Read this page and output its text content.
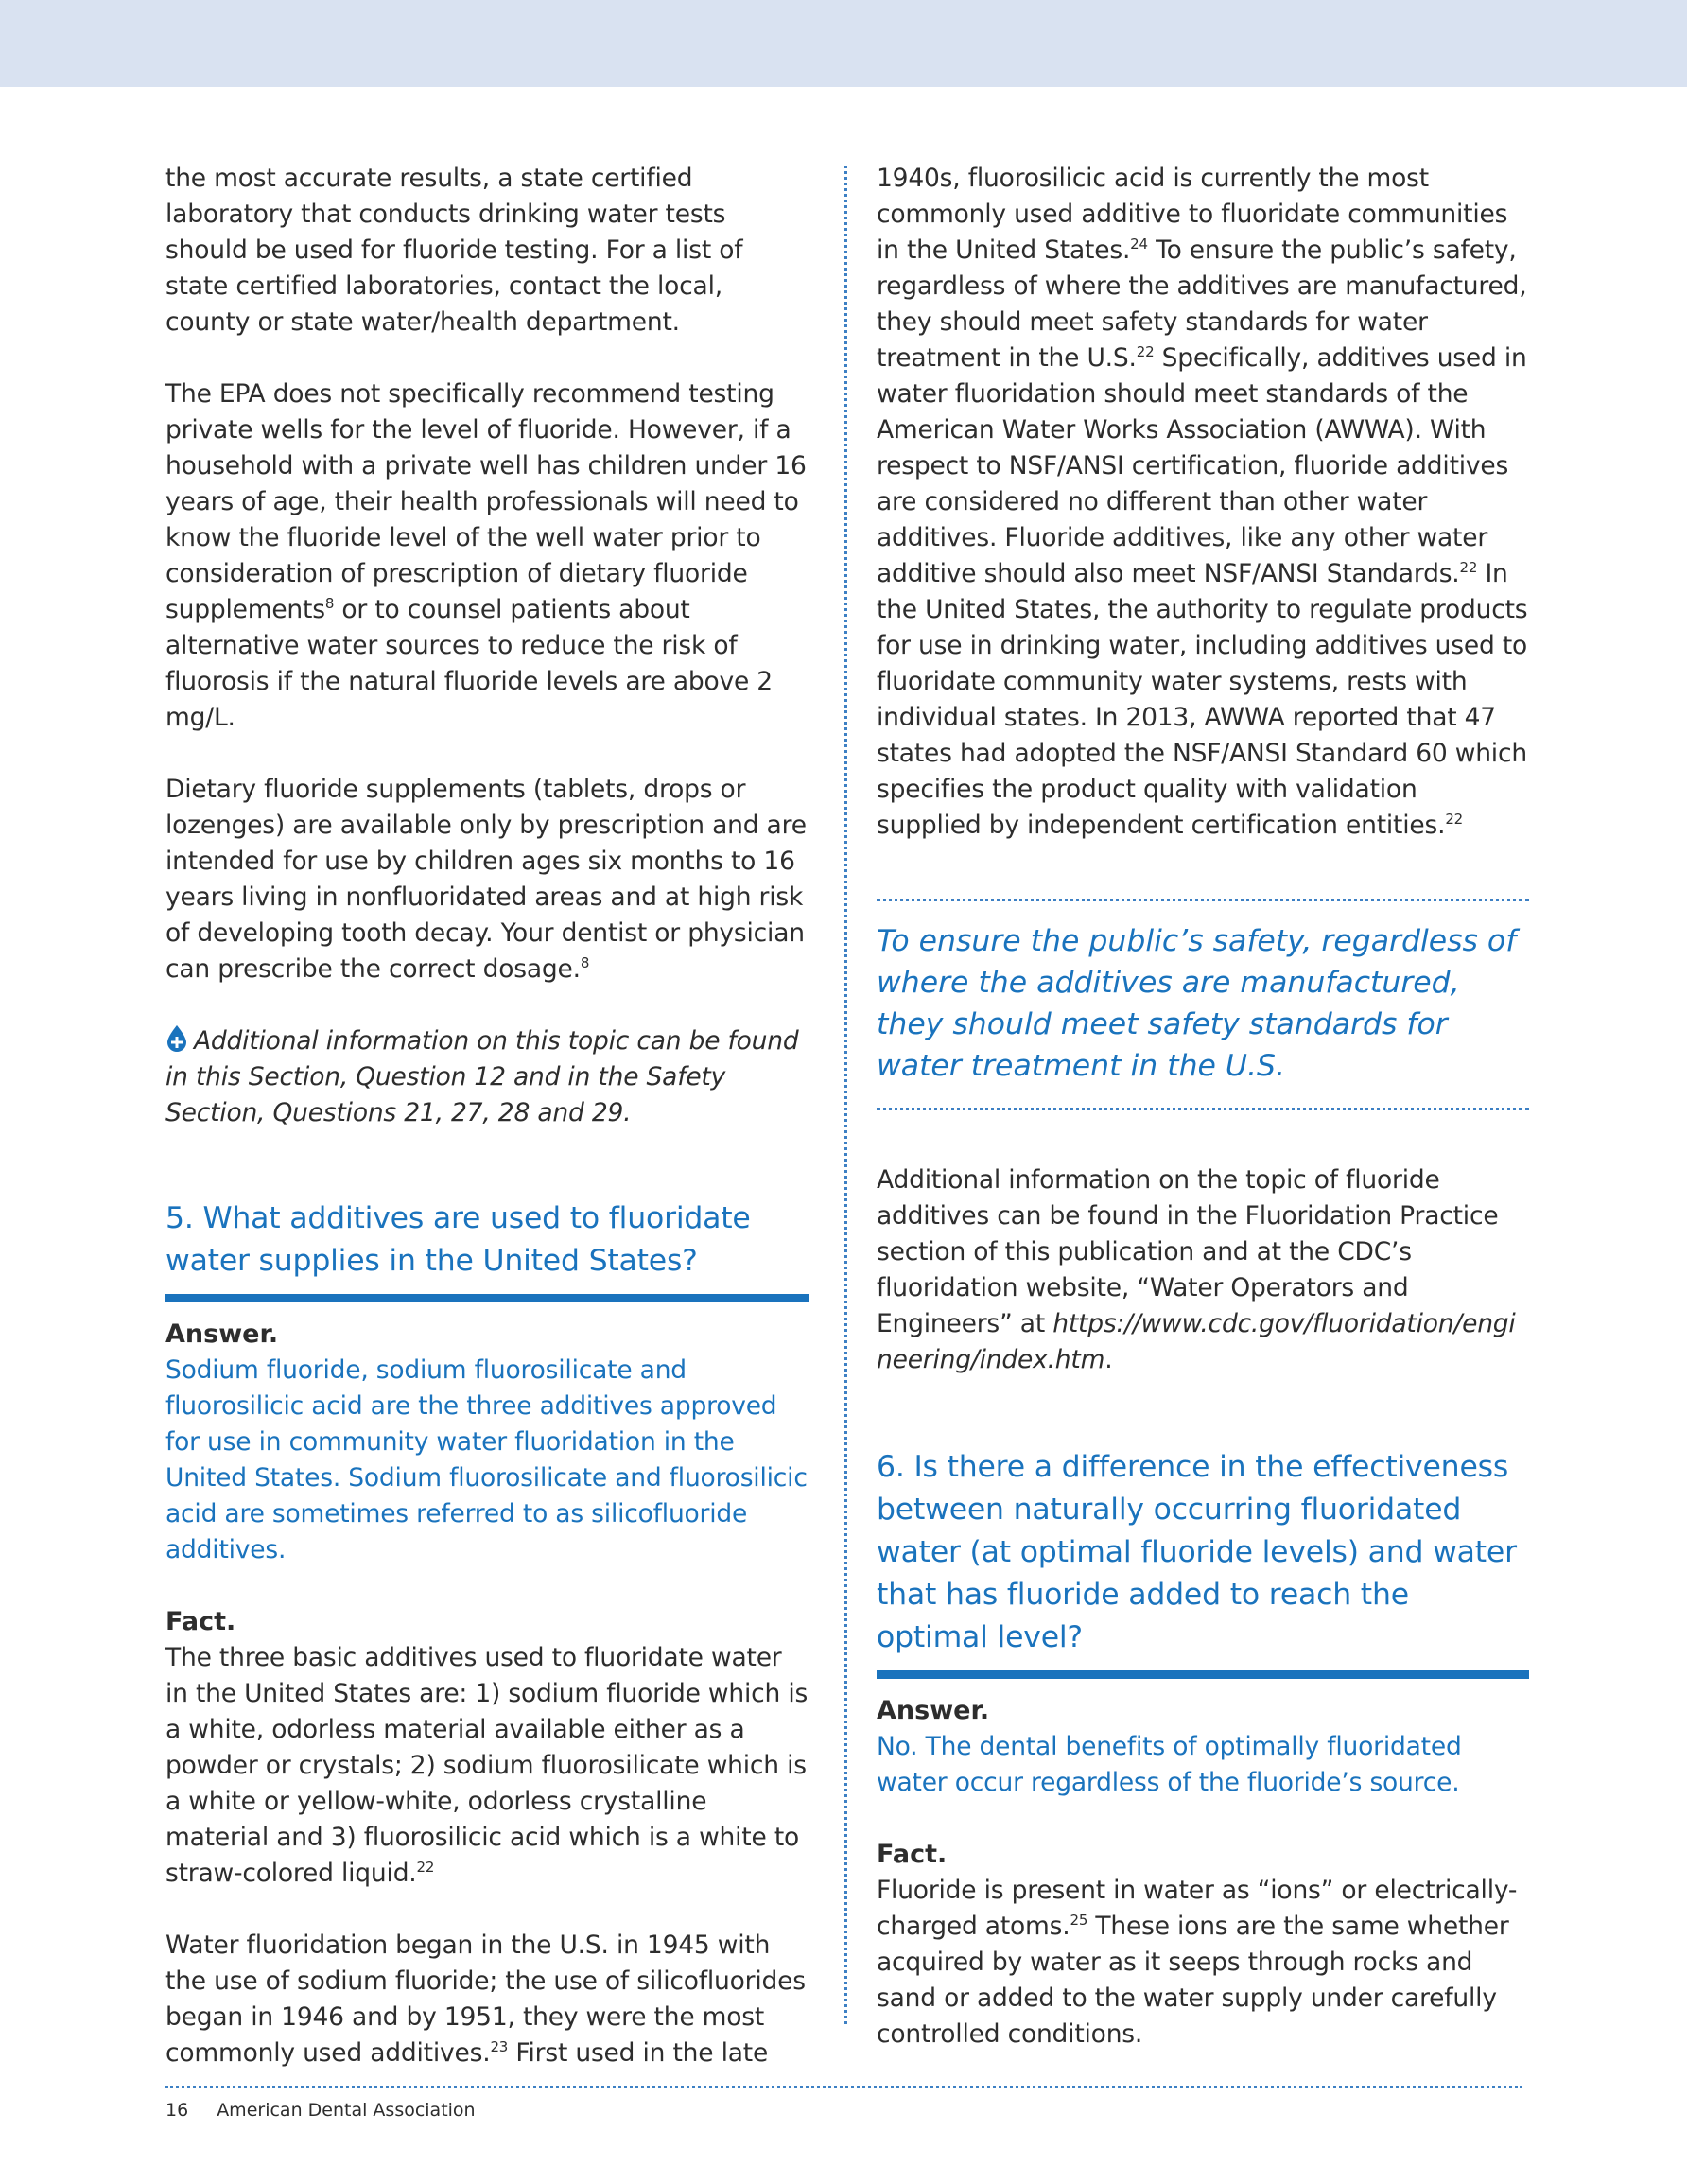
the most accurate results, a state certified laboratory that conducts drinking water tests should be used for fluoride testing. For a list of state certified laboratories, contact the local, county or state water/health department.

The EPA does not specifically recommend testing private wells for the level of fluoride. However, if a household with a private well has children under 16 years of age, their health professionals will need to know the fluoride level of the well water prior to consideration of prescription of dietary fluoride supplements$^8$ or to counsel patients about alternative water sources to reduce the risk of fluorosis if the natural fluoride levels are above 2 mg/L.

Dietary fluoride supplements (tablets, drops or lozenges) are available only by prescription and are intended for use by children ages six months to 16 years living in nonfluoridated areas and at high risk of developing tooth decay. Your dentist or physician can prescribe the correct dosage.$^8$

Additional information on this topic can be found in this Section, Question 12 and in the Safety Section, Questions 21, 27, 28 and 29.

5. What additives are used to fluoridate water supplies in the United States?

Answer.

Sodium fluoride, sodium fluorosilicate and fluorosilicic acid are the three additives approved for use in community water fluoridation in the United States. Sodium fluorosilicate and fluorosilicic acid are sometimes referred to as silicofluoride additives.

Fact.

The three basic additives used to fluoridate water in the United States are: 1) sodium fluoride which is a white, odorless material available either as a powder or crystals; 2) sodium fluorosilicate which is a white or yellow-white, odorless crystalline material and 3) fluorosilicic acid which is a white to straw-colored liquid.$^{22}$

Water fluoridation began in the U.S. in 1945 with the use of sodium fluoride; the use of silicofluorides began in 1946 and by 1951, they were the most commonly used additives.$^{23}$ First used in the late

1940s, fluorosilicic acid is currently the most commonly used additive to fluoridate communities in the United States.$^{24}$ To ensure the public’s safety, regardless of where the additives are manufactured, they should meet safety standards for water treatment in the U.S.$^{22}$ Specifically, additives used in water fluoridation should meet standards of the American Water Works Association (AWWA). With respect to NSF/ANSI certification, fluoride additives are considered no different than other water additives. Fluoride additives, like any other water additive should also meet NSF/ANSI Standards.$^{22}$ In the United States, the authority to regulate products for use in drinking water, including additives used to fluoridate community water systems, rests with individual states. In 2013, AWWA reported that 47 states had adopted the NSF/ANSI Standard 60 which specifies the product quality with validation supplied by independent certification entities.$^{22}$

To ensure the public’s safety, regardless of where the additives are manufactured, they should meet safety standards for water treatment in the U.S.

Additional information on the topic of fluoride additives can be found in the Fluoridation Practice section of this publication and at the CDC’s fluoridation website, “Water Operators and Engineers” at https://www.cdc.gov/fluoridation/engineering/index.htm.

6. Is there a difference in the effectiveness between naturally occurring fluoridated water (at optimal fluoride levels) and water that has fluoride added to reach the optimal level?

Answer.

No. The dental benefits of optimally fluoridated water occur regardless of the fluoride’s source.

Fact.

Fluoride is present in water as “ions” or electrically-charged atoms.$^{25}$ These ions are the same whether acquired by water as it seeps through rocks and sand or added to the water supply under carefully controlled conditions.

16 American Dental Association
